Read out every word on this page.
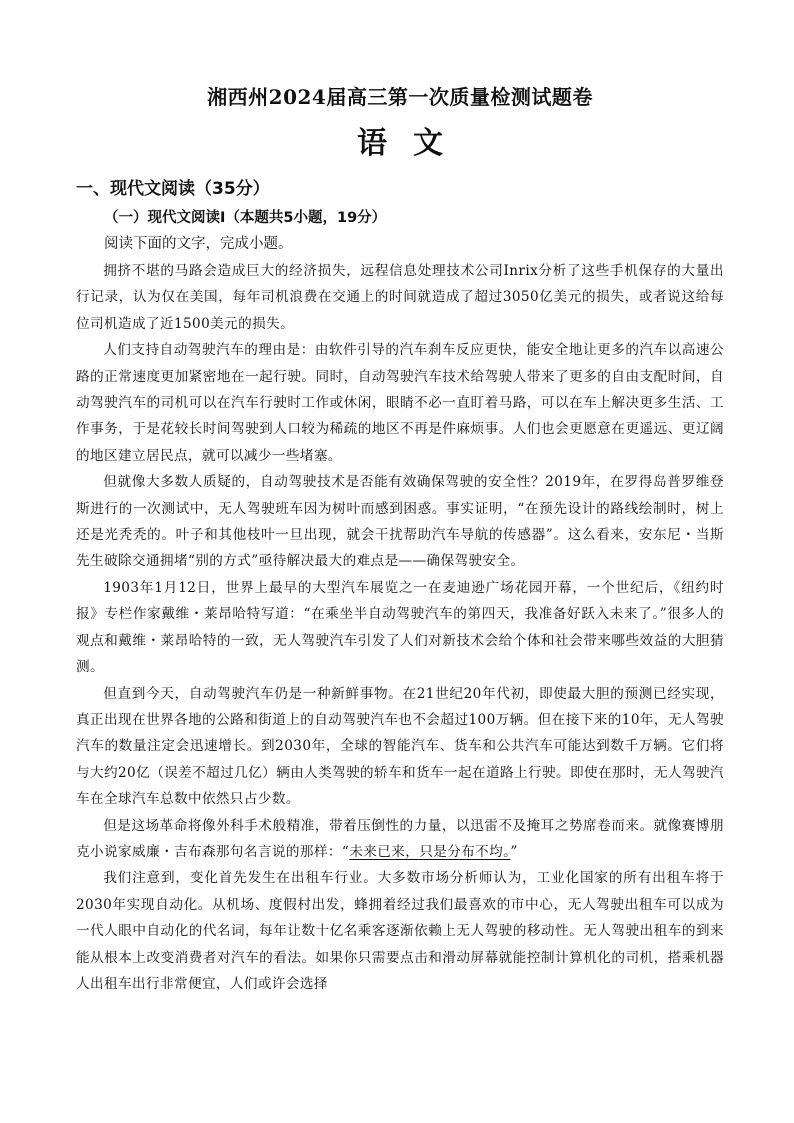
湘西州2024届高三第一次质量检测试题卷
语文
一、现代文阅读（35分）
（一）现代文阅读Ⅰ（本题共5小题，19分）
阅读下面的文字，完成小题。

拥挤不堪的马路会造成巨大的经济损失，远程信息处理技术公司Inrix分析了这些手机保存的大量出行记录，认为仅在美国，每年司机浪费在交通上的时间就造成了超过3050亿美元的损失，或者说这给每位司机造成了近1500美元的损失。

人们支持自动驾驶汽车的理由是：由软件引导的汽车刹车反应更快，能安全地让更多的汽车以高速公路的正常速度更加紧密地在一起行驶。同时，自动驾驶汽车技术给驾驶人带来了更多的自由支配时间，自动驾驶汽车的司机可以在汽车行驶时工作或休闲，眼睛不必一直盯着马路，可以在车上解决更多生活、工作事务，于是花较长时间驾驶到人口较为稀疏的地区不再是件麻烦事。人们也会更愿意在更遥远、更辽阔的地区建立居民点，就可以减少一些堵塞。

但就像大多数人质疑的，自动驾驶技术是否能有效确保驾驶的安全性？2019年，在罗得岛普罗维登斯进行的一次测试中，无人驾驶班车因为树叶而感到困惑。事实证明，“在预先设计的路线绘制时，树上还是光秃秃的。叶子和其他枝叶一旦出现，就会干扰帮助汽车导航的传感器”。这么看来，安东尼・当斯先生破除交通拥堵“别的方式”亟待解决最大的难点是——确保驾驶安全。

1903年1月12日，世界上最早的大型汽车展览之一在麦迪逊广场花园开幕，一个世纪后，《纽约时报》专栏作家戴维・莱昂哈特写道：“在乘坐半自动驾驶汽车的第四天，我准备好跃入未来了。”很多人的观点和戴维・莱昂哈特的一致，无人驾驶汽车引发了人们对新技术会给个体和社会带来哪些效益的大胆猜测。

但直到今天，自动驾驶汽车仍是一种新鲜事物。在21世纪20年代初，即使最大胆的预测已经实现，真正出现在世界各地的公路和街道上的自动驾驶汽车也不会超过100万辆。但在接下来的10年，无人驾驶汽车的数量注定会迅速增长。到2030年，全球的智能汽车、货车和公共汽车可能达到数千万辆。它们将与大约20亿（误差不超过几亿）辆由人类驾驶的轿车和货车一起在道路上行驶。即使在那时，无人驾驶汽车在全球汽车总数中依然只占少数。

但是这场革命将像外科手术般精准，带着压倒性的力量，以迅雷不及掩耳之势席卷而来。就像赛博朋克小说家威廉・吉布森那句名言说的那样：“未来已来，只是分布不均。”

我们注意到，变化首先发生在出租车行业。大多数市场分析师认为，工业化国家的所有出租车将于2030年实现自动化。从机场、度假村出发，蜂拥着经过我们最喜欢的市中心，无人驾驶出租车可以成为一代人眼中自动化的代名词，每年让数十亿名乘客逐渐依赖上无人驾驶的移动性。无人驾驶出租车的到来能从根本上改变消费者对汽车的看法。如果你只需要点击和滑动屏幕就能控制计算机化的司机，搭乘机器人出租车出行非常便宜，人们或许会选择
